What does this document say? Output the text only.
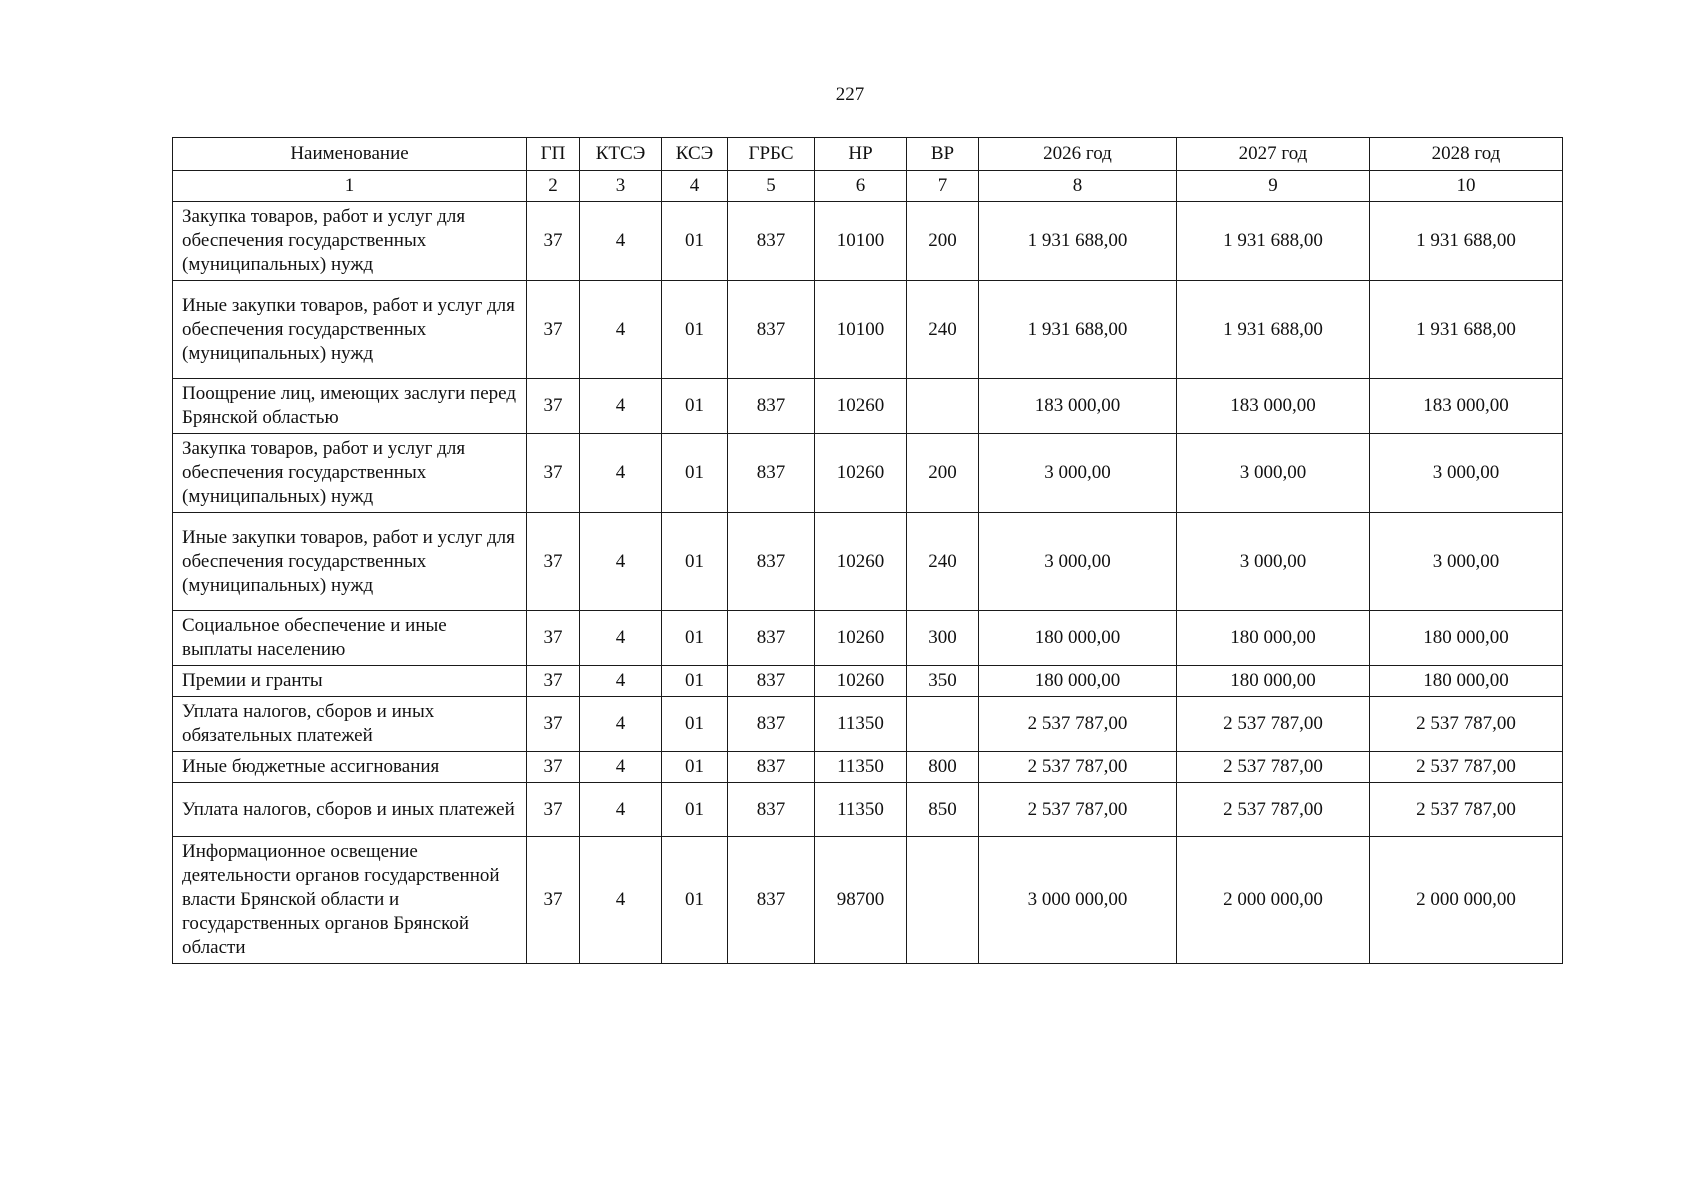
227
Наименование	ГП	КТСЭ	КСЭ	ГРБС	НР	ВР	2026 год	2027 год	2028 год
1	2	3	4	5	6	7	8	9	10
Закупка товаров, работ и услуг для обеспечения государственных (муниципальных) нужд	37	4	01	837	10100	200	1 931 688,00	1 931 688,00	1 931 688,00
Иные закупки товаров, работ и услуг для обеспечения государственных (муниципальных) нужд	37	4	01	837	10100	240	1 931 688,00	1 931 688,00	1 931 688,00
Поощрение лиц, имеющих заслуги перед Брянской областью	37	4	01	837	10260		183 000,00	183 000,00	183 000,00
Закупка товаров, работ и услуг для обеспечения государственных (муниципальных) нужд	37	4	01	837	10260	200	3 000,00	3 000,00	3 000,00
Иные закупки товаров, работ и услуг для обеспечения государственных (муниципальных) нужд	37	4	01	837	10260	240	3 000,00	3 000,00	3 000,00
Социальное обеспечение и иные выплаты населению	37	4	01	837	10260	300	180 000,00	180 000,00	180 000,00
Премии и гранты	37	4	01	837	10260	350	180 000,00	180 000,00	180 000,00
Уплата налогов, сборов и иных обязательных платежей	37	4	01	837	11350		2 537 787,00	2 537 787,00	2 537 787,00
Иные бюджетные ассигнования	37	4	01	837	11350	800	2 537 787,00	2 537 787,00	2 537 787,00
Уплата налогов, сборов и иных платежей	37	4	01	837	11350	850	2 537 787,00	2 537 787,00	2 537 787,00
Информационное освещение деятельности органов государственной власти Брянской области и государственных органов Брянской области	37	4	01	837	98700		3 000 000,00	2 000 000,00	2 000 000,00
